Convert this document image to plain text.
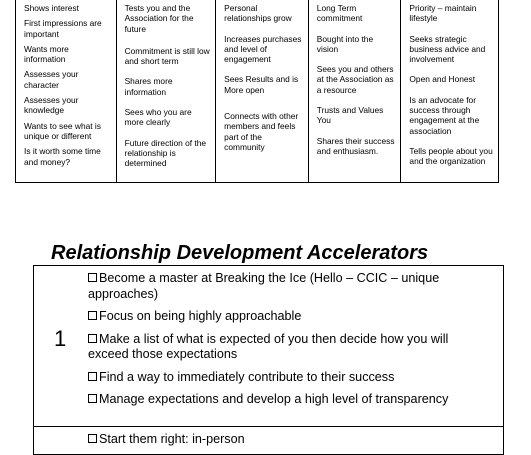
Shows interest

First impressions are important

Wants more information

Assesses your character

Assesses your knowledge

Wants to see what is unique or different

Is it worth some time and money?

Tests you and the Association for the future

Commitment is still low and short term

Shares more information

Sees who you are more clearly

Future direction of the relationship is determined

Personal relationships grow

Increases purchases and level of engagement

Sees Results and is More open

Connects with other members and feels part of the community

Long Term commitment

Bought into the vision

Sees you and others at the Association as a resource

Trusts and Values You

Shares their success and enthusiasm.

Priority – maintain lifestyle

Seeks strategic business advice and involvement

Open and Honest

Is an advocate for success through engagement at the association

Tells people about you and the organization

Relationship Development Accelerators
1

Become a master at Breaking the Ice (Hello – CCIC – unique approaches)

Focus on being highly approachable

Make a list of what is expected of you then decide how you will exceed those expectations

Find a way to immediately contribute to their success

Manage expectations and develop a high level of transparency

Start them right: in-person
